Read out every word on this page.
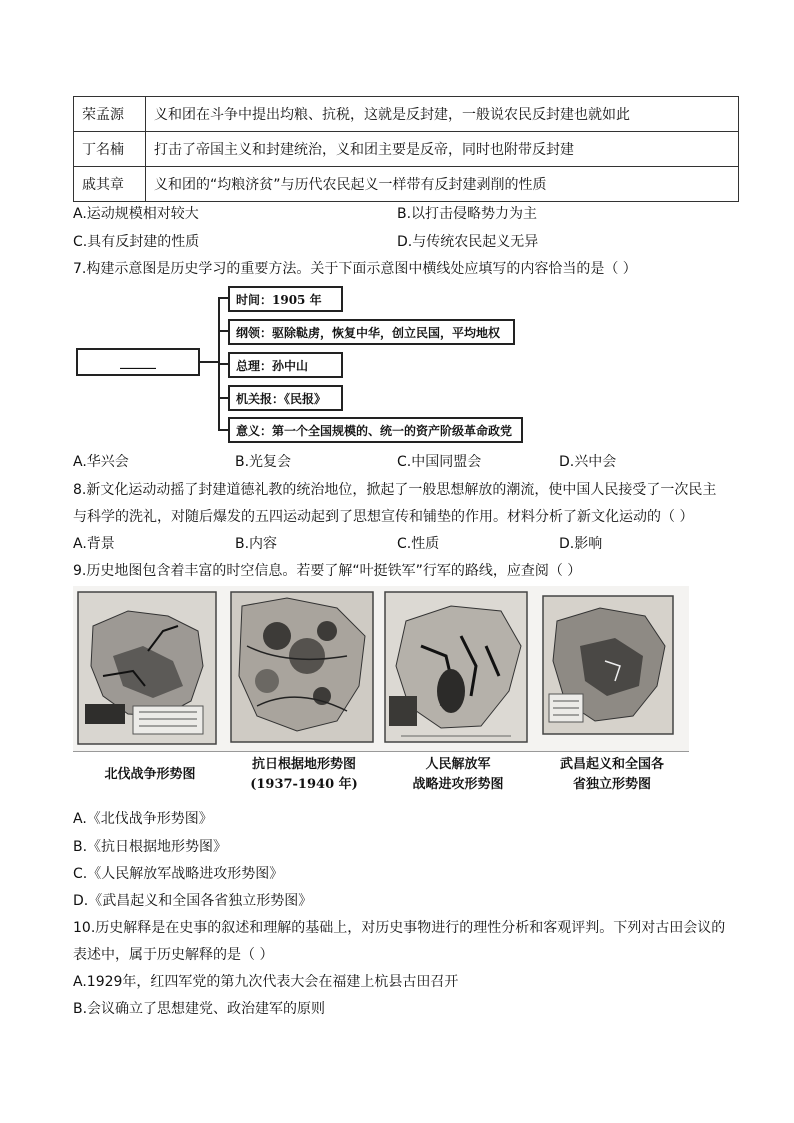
荣孟源	义和团在斗争中提出均粮、抗税，这就是反封建，一般说农民反封建也就如此
丁名楠	打击了帝国主义和封建统治，义和团主要是反帝，同时也附带反封建
戚其章	义和团的“均粮济贫”与历代农民起义一样带有反封建剥削的性质
A.运动规模相对较大	B.以打击侵略势力为主
C.具有反封建的性质	D.与传统农民起义无异
7.构建示意图是历史学习的重要方法。关于下面示意图中横线处应填写的内容恰当的是（ ）
______
时间：1905 年
纲领：驱除鞑虏，恢复中华，创立民国，平均地权
总理：孙中山
机关报：《民报》
意义：第一个全国规模的、统一的资产阶级革命政党
A.华兴会	B.光复会	C.中国同盟会	D.兴中会
8.新文化运动动摇了封建道德礼教的统治地位，掀起了一般思想解放的潮流，使中国人民接受了一次民主
与科学的洗礼，对随后爆发的五四运动起到了思想宣传和铺垫的作用。材料分析了新文化运动的（ ）
A.背景	B.内容	C.性质	D.影响
9.历史地图包含着丰富的时空信息。若要了解“叶挺铁军”行军的路线，应查阅（ ）
北伐战争形势图
抗日根据地形势图
(1937-1940 年)
人民解放军
战略进攻形势图
武昌起义和全国各
省独立形势图
A.《北伐战争形势图》
B.《抗日根据地形势图》
C.《人民解放军战略进攻形势图》
D.《武昌起义和全国各省独立形势图》
10.历史解释是在史事的叙述和理解的基础上，对历史事物进行的理性分析和客观评判。下列对古田会议的
表述中，属于历史解释的是（ ）
A.1929年，红四军党的第九次代表大会在福建上杭县古田召开
B.会议确立了思想建党、政治建军的原则
